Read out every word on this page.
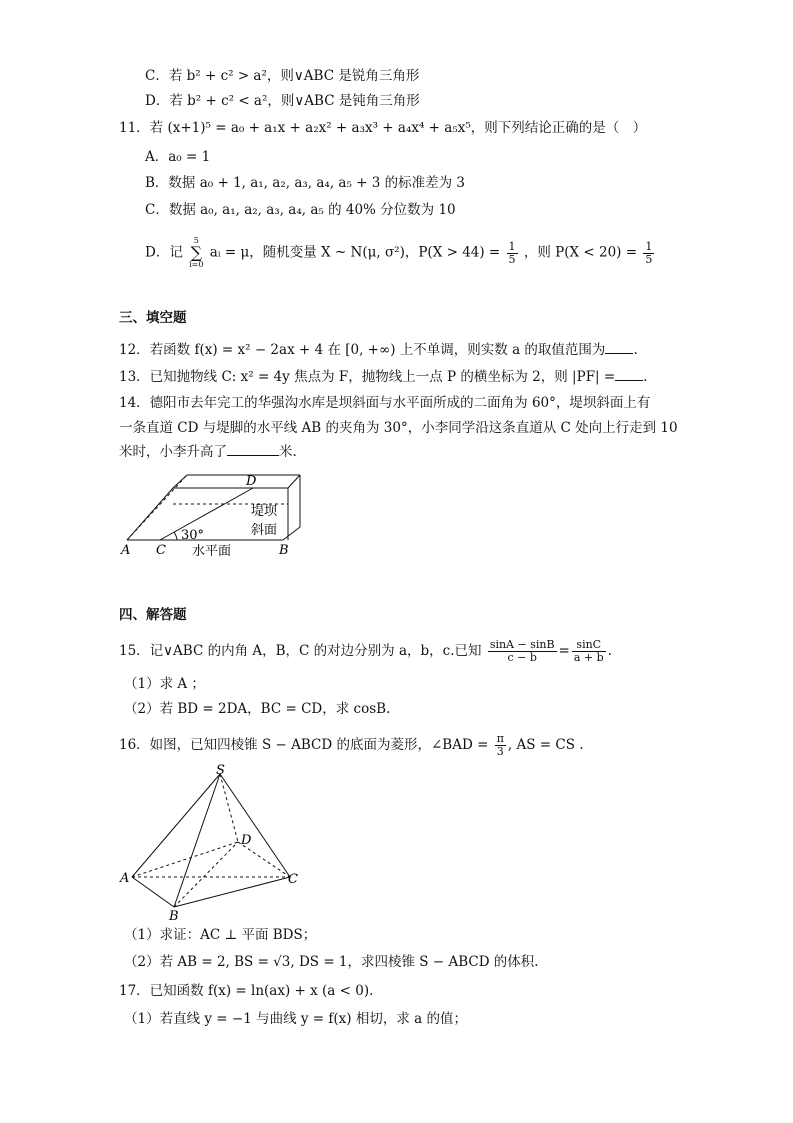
C．若 b² + c² > a²，则∨ABC 是锐角三角形
D．若 b² + c² < a²，则∨ABC 是钝角三角形
11．若 (x+1)⁵ = a₀ + a₁x + a₂x² + a₃x³ + a₄x⁴ + a₅x⁵，则下列结论正确的是（　）
A．a₀ = 1
B．数据 a₀ + 1, a₁, a₂, a₃, a₄, a₅ + 3 的标准差为 3
C．数据 a₀, a₁, a₂, a₃, a₄, a₅ 的 40% 分位数为 10
D．记
5
∑
i=0
aᵢ = μ，随机变量 X ~ N(μ, σ²)，$P(X > 44) = \frac{1}{5}$ ，则 $P(X < 20) = \frac{1}{5}$
三、填空题
12．若函数 f(x) = x² − 2ax + 4 在 [0, +∞) 上不单调，则实数 a 的取值范围为 .
13．已知抛物线 C: x² = 4y 焦点为 F，抛物线上一点 P 的横坐标为 2，则 |PF| = .
14．德阳市去年完工的华强沟水库是坝斜面与水平面所成的二面角为 60°，堤坝斜面上有
一条直道 CD 与堤脚的水平线 AB 的夹角为 30°，小李同学沿这条直道从 C 处向上行走到 10
米时，小李升高了	米.
A C	B
D
30°
水平面
堤坝
斜面
四、解答题
15．记∨ABC 的内角 A，B，C 的对边分别为 a，b，c.已知 $\frac{\sin A - \sin B}{c - b} = \frac{\sin C}{a + b}$ .
（1）求 A ；
（2）若 BD = 2DA，BC = CD，求 cosB.
16．如图，已知四棱锥 S − ABCD 的底面为菱形，∠BAD = $\frac{\pi}{3}$ , AS = CS .
S
A
B
C
D
（1）求证：AC ⊥ 平面 BDS；
（2）若 AB = 2, BS = √3, DS = 1，求四棱锥 S − ABCD 的体积.
17．已知函数 f(x) = ln(ax) + x (a < 0).
（1）若直线 y = −1 与曲线 y = f(x) 相切，求 a 的值；
